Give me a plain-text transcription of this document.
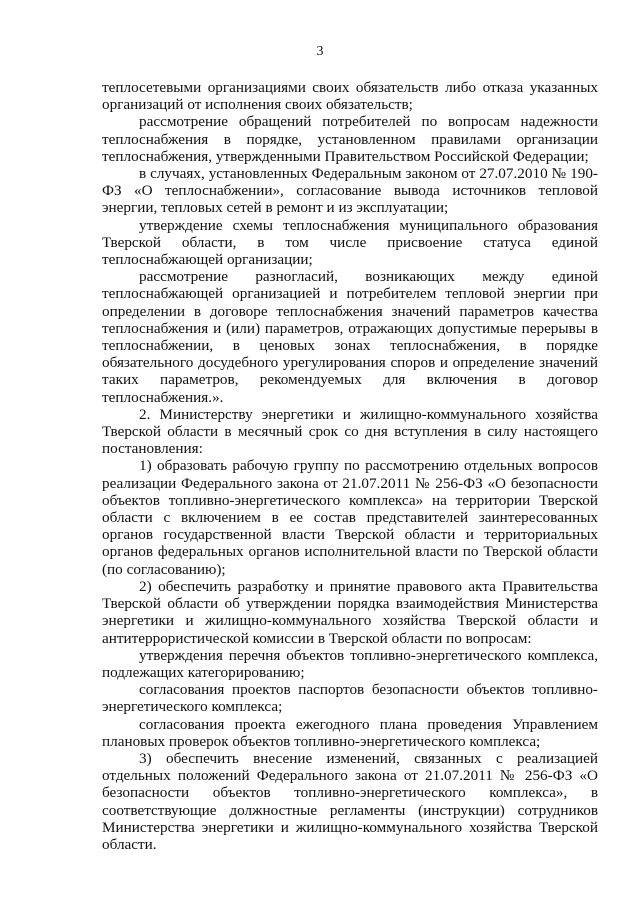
3

теплосетевыми организациями своих обязательств либо отказа указанных организаций от исполнения своих обязательств;

рассмотрение обращений потребителей по вопросам надежности теплоснабжения в порядке, установленном правилами организации теплоснабжения, утвержденными Правительством Российской Федерации;

в случаях, установленных Федеральным законом от 27.07.2010 № 190-ФЗ «О теплоснабжении», согласование вывода источников тепловой энергии, тепловых сетей в ремонт и из эксплуатации;

утверждение схемы теплоснабжения муниципального образования Тверской области, в том числе присвоение статуса единой теплоснабжающей организации;

рассмотрение разногласий, возникающих между единой теплоснабжающей организацией и потребителем тепловой энергии при определении в договоре теплоснабжения значений параметров качества теплоснабжения и (или) параметров, отражающих допустимые перерывы в теплоснабжении, в ценовых зонах теплоснабжения, в порядке обязательного досудебного урегулирования споров и определение значений таких параметров, рекомендуемых для включения в договор теплоснабжения.».

2. Министерству энергетики и жилищно-коммунального хозяйства Тверской области в месячный срок со дня вступления в силу настоящего постановления:

1) образовать рабочую группу по рассмотрению отдельных вопросов реализации Федерального закона от 21.07.2011 № 256-ФЗ «О безопасности объектов топливно-энергетического комплекса» на территории Тверской области с включением в ее состав представителей заинтересованных органов государственной власти Тверской области и территориальных органов федеральных органов исполнительной власти по Тверской области (по согласованию);

2) обеспечить разработку и принятие правового акта Правительства Тверской области об утверждении порядка взаимодействия Министерства энергетики и жилищно-коммунального хозяйства Тверской области и антитеррористической комиссии в Тверской области по вопросам:

утверждения перечня объектов топливно-энергетического комплекса, подлежащих категорированию;

согласования проектов паспортов безопасности объектов топливно-энергетического комплекса;

согласования проекта ежегодного плана проведения Управлением плановых проверок объектов топливно-энергетического комплекса;

3) обеспечить внесение изменений, связанных с реализацией отдельных положений Федерального закона от 21.07.2011 № 256-ФЗ «О безопасности объектов топливно-энергетического комплекса», в соответствующие должностные регламенты (инструкции) сотрудников Министерства энергетики и жилищно-коммунального хозяйства Тверской области.
